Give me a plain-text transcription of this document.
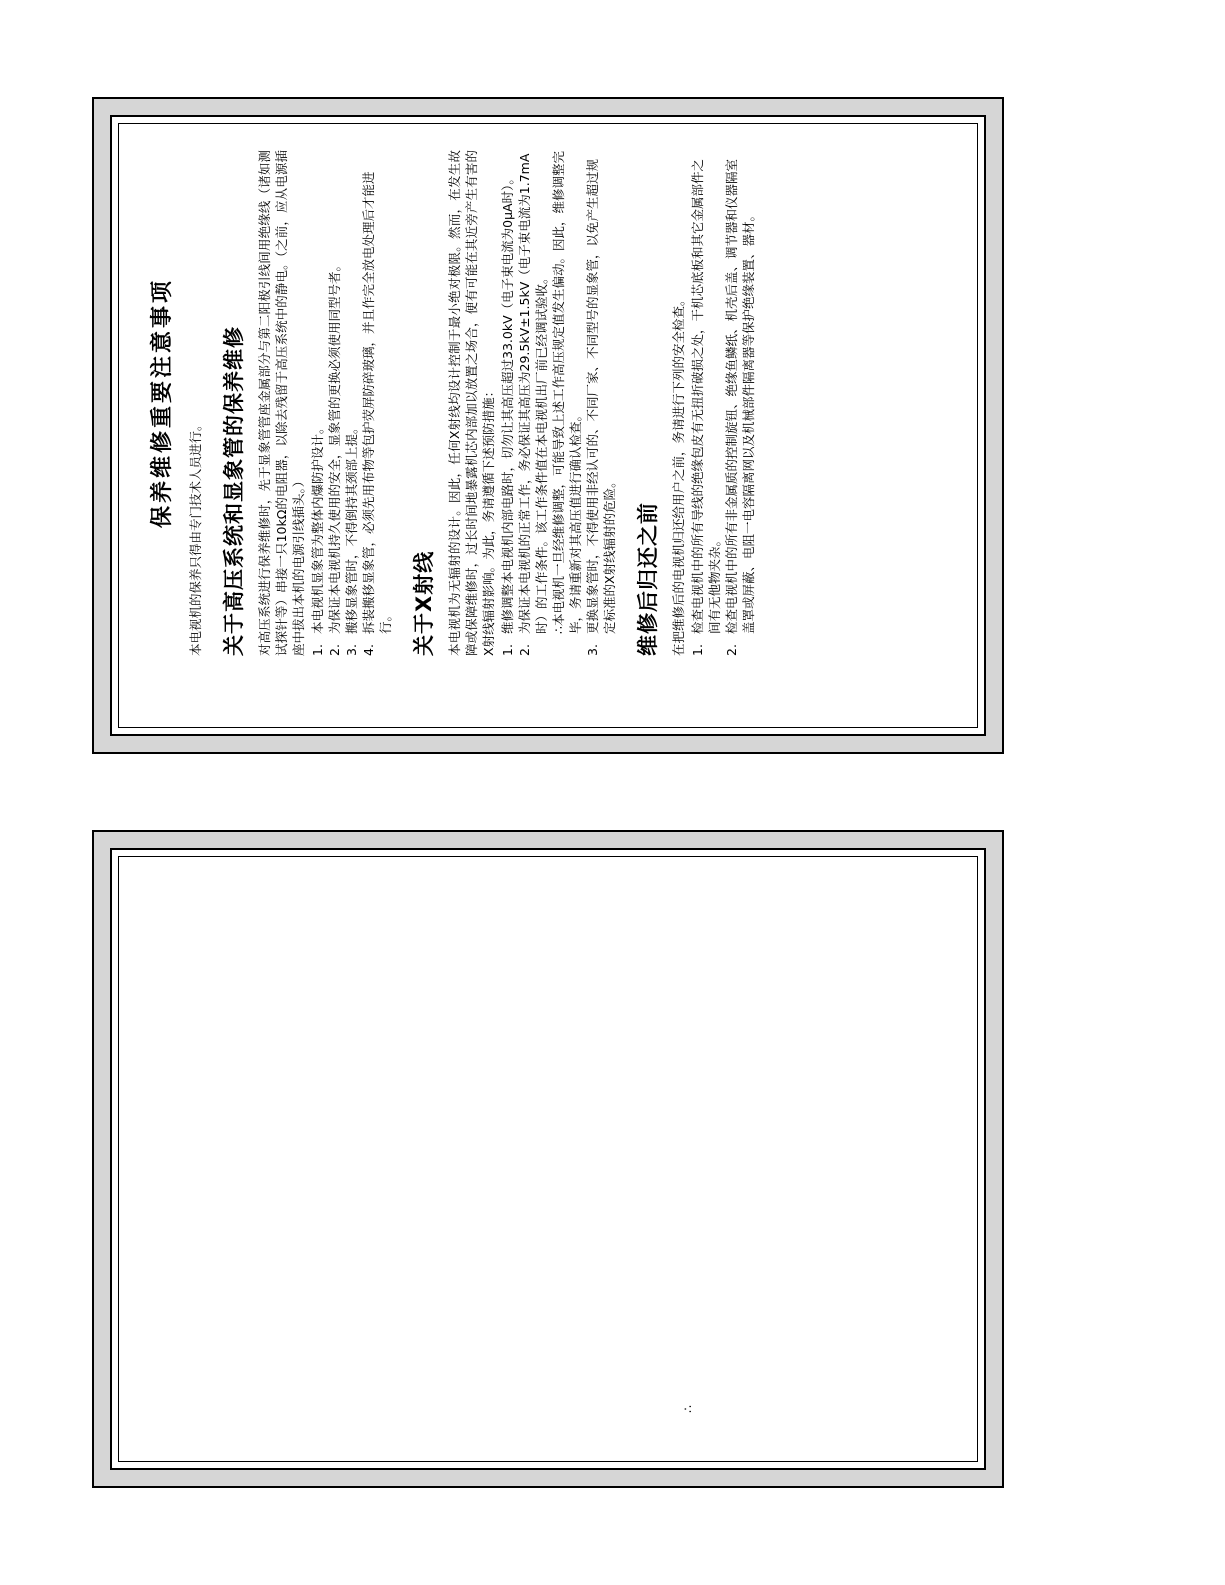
保养维修重要注意事项

本电视机的保养只得由专门技术人员进行。 关于高压系统和显象管的保养维修 对高压系统进行保养维修时，先于显象管管座金属部分与第二阳极引线间用绝缘线（诸如测试探针等）串接一只10kΩ的电阻器，以除去残留于高压系统中的静电。（之前，应从电源插座中拔出本机的电源引线插头。） 1.
本电视机显象管为整体内爆防护设计。
2.
为保证本电视机持久使用的安全，显象管的更换必须使用同型号者。
3.
搬移显象管时，不得倒持其颈部上提。
4.
拆装搬移显象管，必须先用布物等包护荧屏防碎玻璃，并且作完全放电处理后才能进行。 关于X射线 本电视机为无辐射的设计。因此，任何X射线均设计控制于最小绝对极限。然而，在发生故障或保障维修时，过长时间地暴露机芯内部加以放置之场合，便有可能在其近旁产生有害的X射线辐射影响。为此，务请遵循下述预防措施： 1.
维修调整本电视机内部电路时，切勿让其高压超过33.0kV（电子束电流为0μA时）。
2.
为保证本电视机的正常工作，务必保证其高压为29.5kV±1.5kV（电子束电流为1.7mA时）的工作条件。该工作条件值在本电视机出厂前已经调试验收。 ∴本电视机一旦经维修调整，可能导致上述工作高压规定值发生偏动。因此，维修调整完毕，务请重新对其高压值进行确认检查。
3.
更换显象管时，不得使用非经认可的、不同厂家、不同型号的显象管，以免产生超过规定标准的X射线辐射的危险。 维修后归还之前 在把维修后的电视机归还给用户之前，务请进行下列的安全检查。 1.
检查电视机中的所有导线的绝缘包皮有无扭折破损之处，干机芯底板和其它金属部件之间有无他物夹杂。
2.
检查电视机中的所有非金属质的控制旋钮、绝缘鱼鳞纸、机壳后盖、调节器和仪器隔室盖罩或屏蔽、电阻一电容隔离网以及机械部件隔离器等保护绝缘装置、器材。
∴
